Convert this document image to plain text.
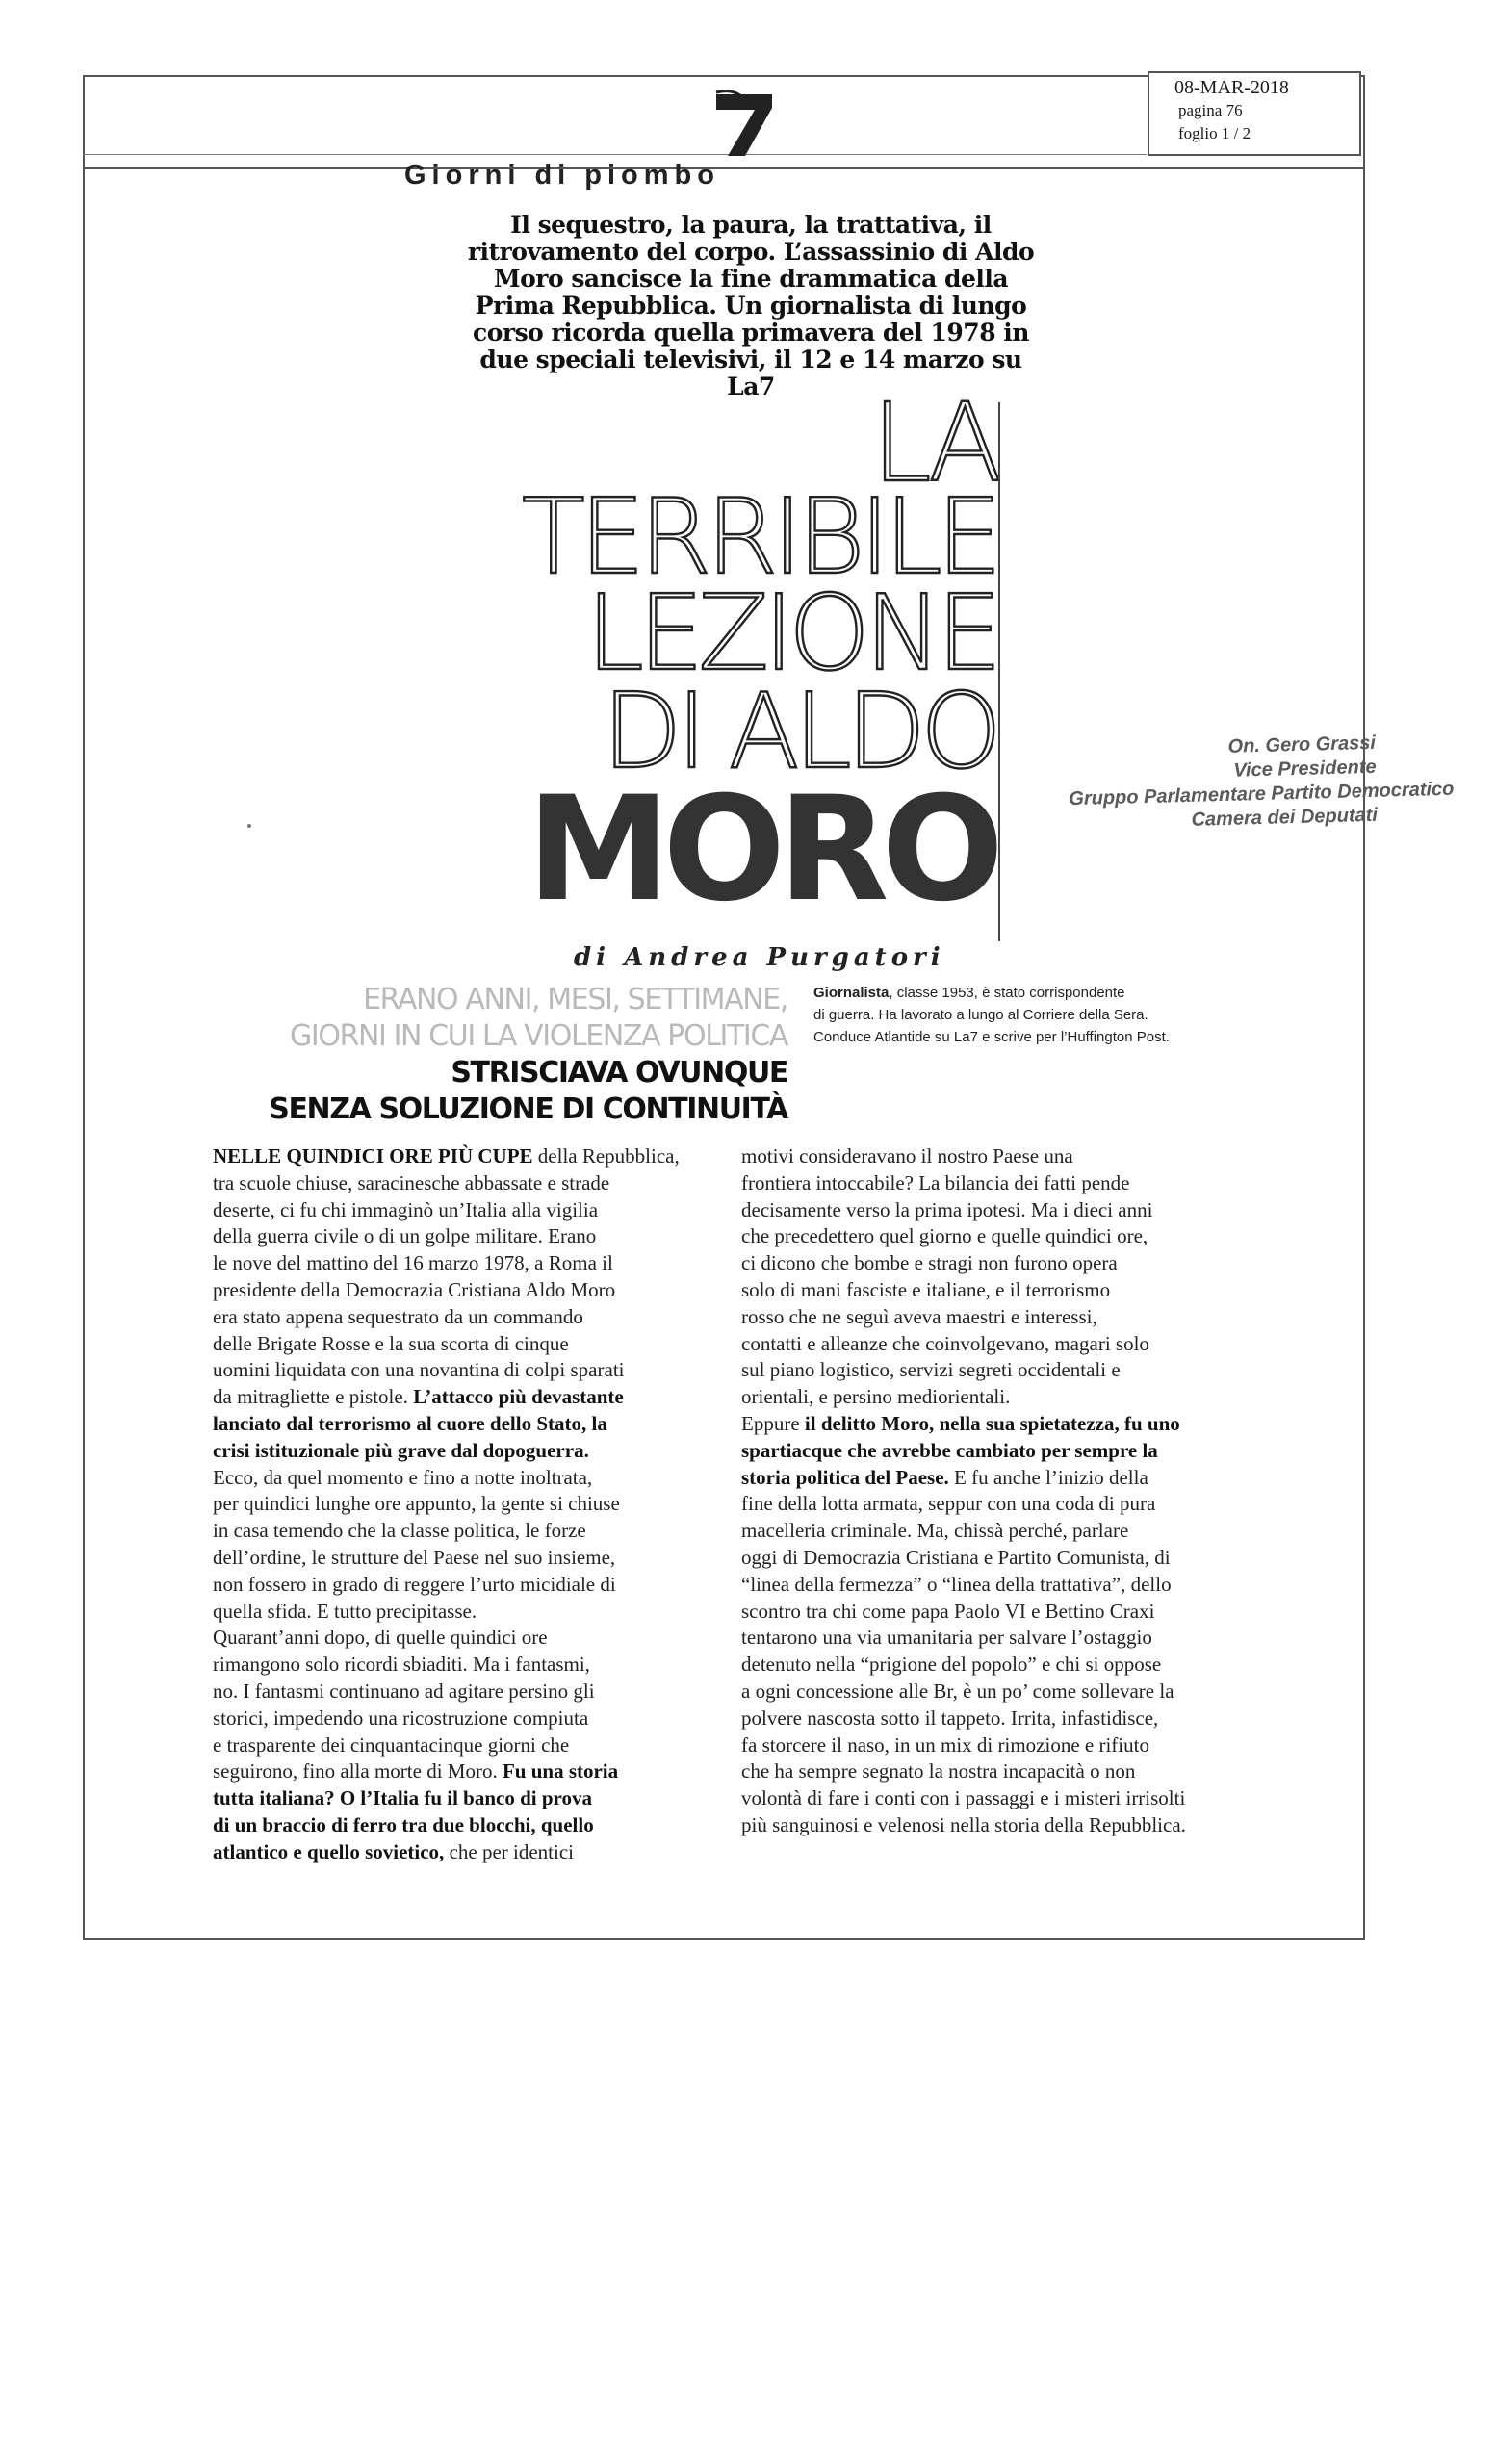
08-MAR-2018
pagina 76
foglio 1 / 2
Giorni di piombo
Il sequestro, la paura, la trattativa, il
ritrovamento del corpo. L’assassinio di Aldo
Moro sancisce la fine drammatica della
Prima Repubblica. Un giornalista di lungo
corso ricorda quella primavera del 1978 in
due speciali televisivi, il 12 e 14 marzo su La7 LA
TERRIBILE
LEZIONE
DI ALDO
MORO
On. Gero Grassi
Vice Presidente
Gruppo Parlamentare Partito Democratico
Camera dei Deputati
di Andrea Purgatori
Giornalista, classe 1953, è stato corrispondente
di guerra. Ha lavorato a lungo al Corriere della Sera.
Conduce Atlantide su La7 e scrive per l’Huffington Post.
ERANO ANNI, MESI, SETTIMANE,
GIORNI IN CUI LA VIOLENZA POLITICA
STRISCIAVA OVUNQUE
SENZA SOLUZIONE DI CONTINUITÀ
NELLE QUINDICI ORE PIÙ CUPE della Repubblica,
tra scuole chiuse, saracinesche abbassate e strade
deserte, ci fu chi immaginò un’Italia alla vigilia
della guerra civile o di un golpe militare. Erano
le nove del mattino del 16 marzo 1978, a Roma il
presidente della Democrazia Cristiana Aldo Moro
era stato appena sequestrato da un commando
delle Brigate Rosse e la sua scorta di cinque
uomini liquidata con una novantina di colpi sparati
da mitragliette e pistole. L’attacco più devastante
lanciato dal terrorismo al cuore dello Stato, la
crisi istituzionale più grave dal dopoguerra.
Ecco, da quel momento e fino a notte inoltrata,
per quindici lunghe ore appunto, la gente si chiuse
in casa temendo che la classe politica, le forze
dell’ordine, le strutture del Paese nel suo insieme,
non fossero in grado di reggere l’urto micidiale di
quella sfida. E tutto precipitasse.
Quarant’anni dopo, di quelle quindici ore
rimangono solo ricordi sbiaditi. Ma i fantasmi,
no. I fantasmi continuano ad agitare persino gli
storici, impedendo una ricostruzione compiuta
e trasparente dei cinquantacinque giorni che
seguirono, fino alla morte di Moro. Fu una storia
tutta italiana? O l’Italia fu il banco di prova
di un braccio di ferro tra due blocchi, quello
atlantico e quello sovietico, che per identici
motivi consideravano il nostro Paese una
frontiera intoccabile? La bilancia dei fatti pende
decisamente verso la prima ipotesi. Ma i dieci anni
che precedettero quel giorno e quelle quindici ore,
ci dicono che bombe e stragi non furono opera
solo di mani fasciste e italiane, e il terrorismo
rosso che ne seguì aveva maestri e interessi,
contatti e alleanze che coinvolgevano, magari solo
sul piano logistico, servizi segreti occidentali e
orientali, e persino mediorientali.
Eppure il delitto Moro, nella sua spietatezza, fu uno
spartiacque che avrebbe cambiato per sempre la
storia politica del Paese. E fu anche l’inizio della
fine della lotta armata, seppur con una coda di pura
macelleria criminale. Ma, chissà perché, parlare
oggi di Democrazia Cristiana e Partito Comunista, di
“linea della fermezza” o “linea della trattativa”, dello
scontro tra chi come papa Paolo VI e Bettino Craxi
tentarono una via umanitaria per salvare l’ostaggio
detenuto nella “prigione del popolo” e chi si oppose
a ogni concessione alle Br, è un po’ come sollevare la
polvere nascosta sotto il tappeto. Irrita, infastidisce,
fa storcere il naso, in un mix di rimozione e rifiuto
che ha sempre segnato la nostra incapacità o non
volontà di fare i conti con i passaggi e i misteri irrisolti
più sanguinosi e velenosi nella storia della Repubblica.
